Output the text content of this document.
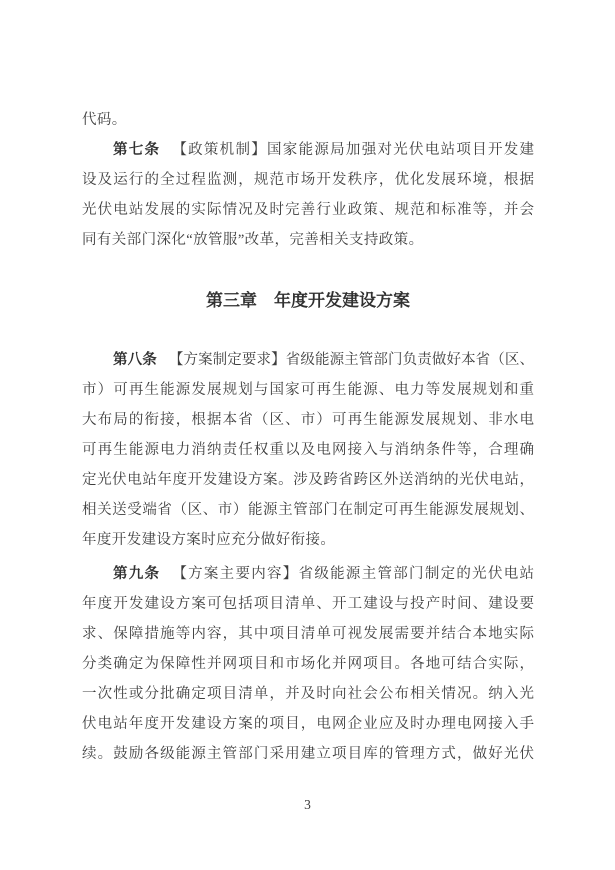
代码。
第七条 【政策机制】国家能源局加强对光伏电站项目开发建
设及运行的全过程监测，规范市场开发秩序，优化发展环境，根据
光伏电站发展的实际情况及时完善行业政策、规范和标准等，并会
同有关部门深化“放管服”改革，完善相关支持政策。
第三章　年度开发建设方案
第八条 【方案制定要求】省级能源主管部门负责做好本省（区、
市）可再生能源发展规划与国家可再生能源、电力等发展规划和重
大布局的衔接，根据本省（区、市）可再生能源发展规划、非水电
可再生能源电力消纳责任权重以及电网接入与消纳条件等，合理确
定光伏电站年度开发建设方案。涉及跨省跨区外送消纳的光伏电站，
相关送受端省（区、市）能源主管部门在制定可再生能源发展规划、
年度开发建设方案时应充分做好衔接。
第九条 【方案主要内容】省级能源主管部门制定的光伏电站
年度开发建设方案可包括项目清单、开工建设与投产时间、建设要
求、保障措施等内容，其中项目清单可视发展需要并结合本地实际
分类确定为保障性并网项目和市场化并网项目。各地可结合实际，
一次性或分批确定项目清单，并及时向社会公布相关情况。纳入光
伏电站年度开发建设方案的项目，电网企业应及时办理电网接入手
续。鼓励各级能源主管部门采用建立项目库的管理方式，做好光伏
3
